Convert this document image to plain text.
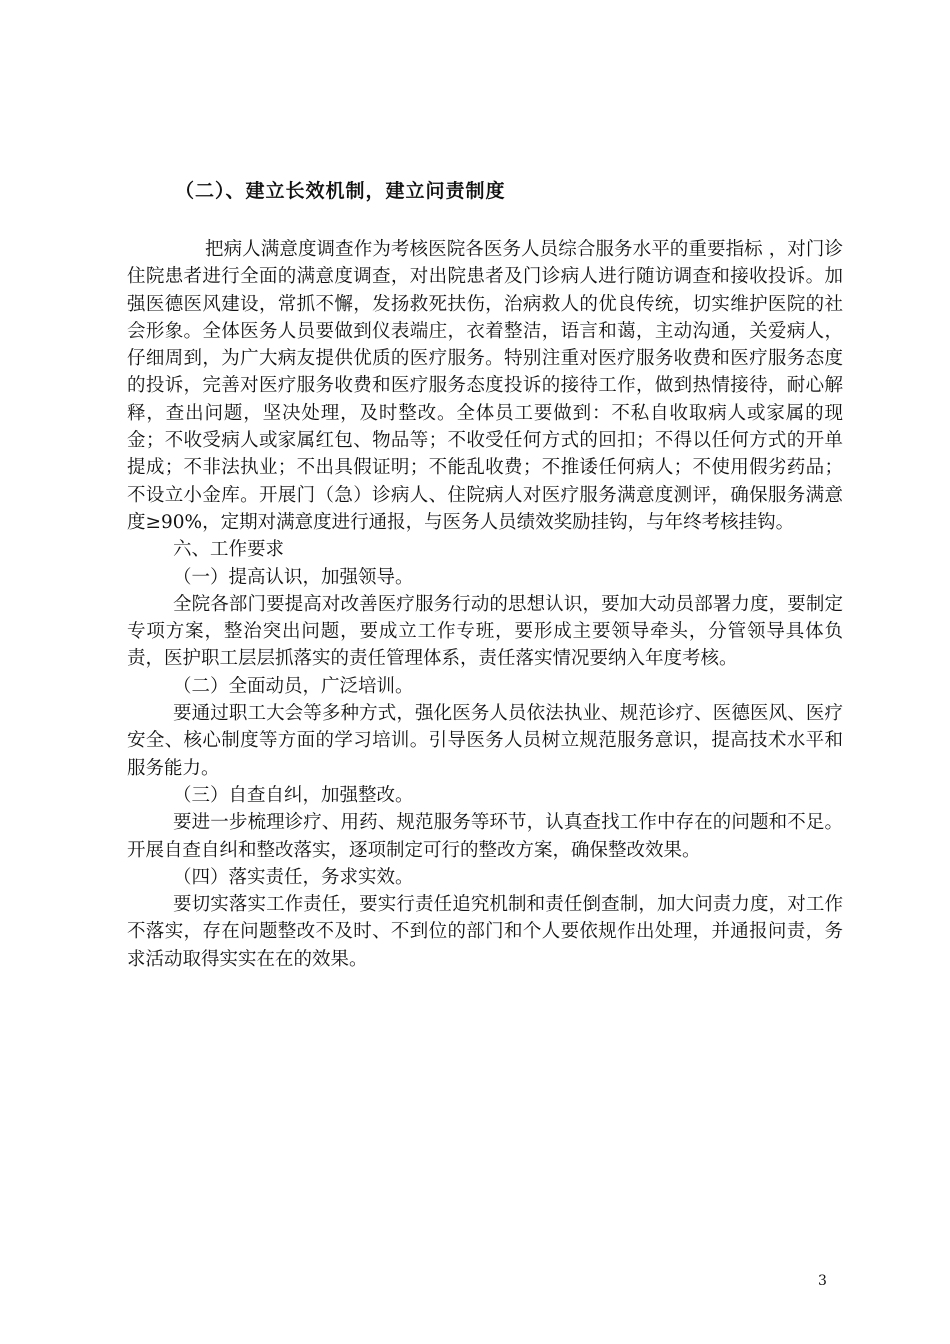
（二）、建立长效机制，建立问责制度

把病人满意度调查作为考核医院各医务人员综合服务水平的重要指标 ，对门诊住院患者进行全面的满意度调查，对出院患者及门诊病人进行随访调查和接收投诉。加强医德医风建设，常抓不懈，发扬救死扶伤，治病救人的优良传统，切实维护医院的社会形象。全体医务人员要做到仪表端庄，衣着整洁，语言和蔼，主动沟通，关爱病人，仔细周到，为广大病友提供优质的医疗服务。特别注重对医疗服务收费和医疗服务态度的投诉，完善对医疗服务收费和医疗服务态度投诉的接待工作，做到热情接待，耐心解释，查出问题，坚决处理，及时整改。全体员工要做到：不私自收取病人或家属的现金；不收受病人或家属红包、物品等；不收受任何方式的回扣；不得以任何方式的开单提成；不非法执业；不出具假证明；不能乱收费；不推诿任何病人；不使用假劣药品；不设立小金库。开展门（急）诊病人、住院病人对医疗服务满意度测评，确保服务满意度≥90%，定期对满意度进行通报，与医务人员绩效奖励挂钩，与年终考核挂钩。

六、工作要求

（一）提高认识，加强领导。

全院各部门要提高对改善医疗服务行动的思想认识，要加大动员部署力度，要制定专项方案，整治突出问题，要成立工作专班，要形成主要领导牵头，分管领导具体负责，医护职工层层抓落实的责任管理体系，责任落实情况要纳入年度考核。

（二）全面动员，广泛培训。

要通过职工大会等多种方式，强化医务人员依法执业、规范诊疗、医德医风、医疗安全、核心制度等方面的学习培训。引导医务人员树立规范服务意识，提高技术水平和服务能力。

（三）自查自纠，加强整改。

要进一步梳理诊疗、用药、规范服务等环节，认真查找工作中存在的问题和不足。开展自查自纠和整改落实，逐项制定可行的整改方案，确保整改效果。

（四）落实责任，务求实效。

要切实落实工作责任，要实行责任追究机制和责任倒查制，加大问责力度，对工作不落实，存在问题整改不及时、不到位的部门和个人要依规作出处理，并通报问责，务求活动取得实实在在的效果。

3
